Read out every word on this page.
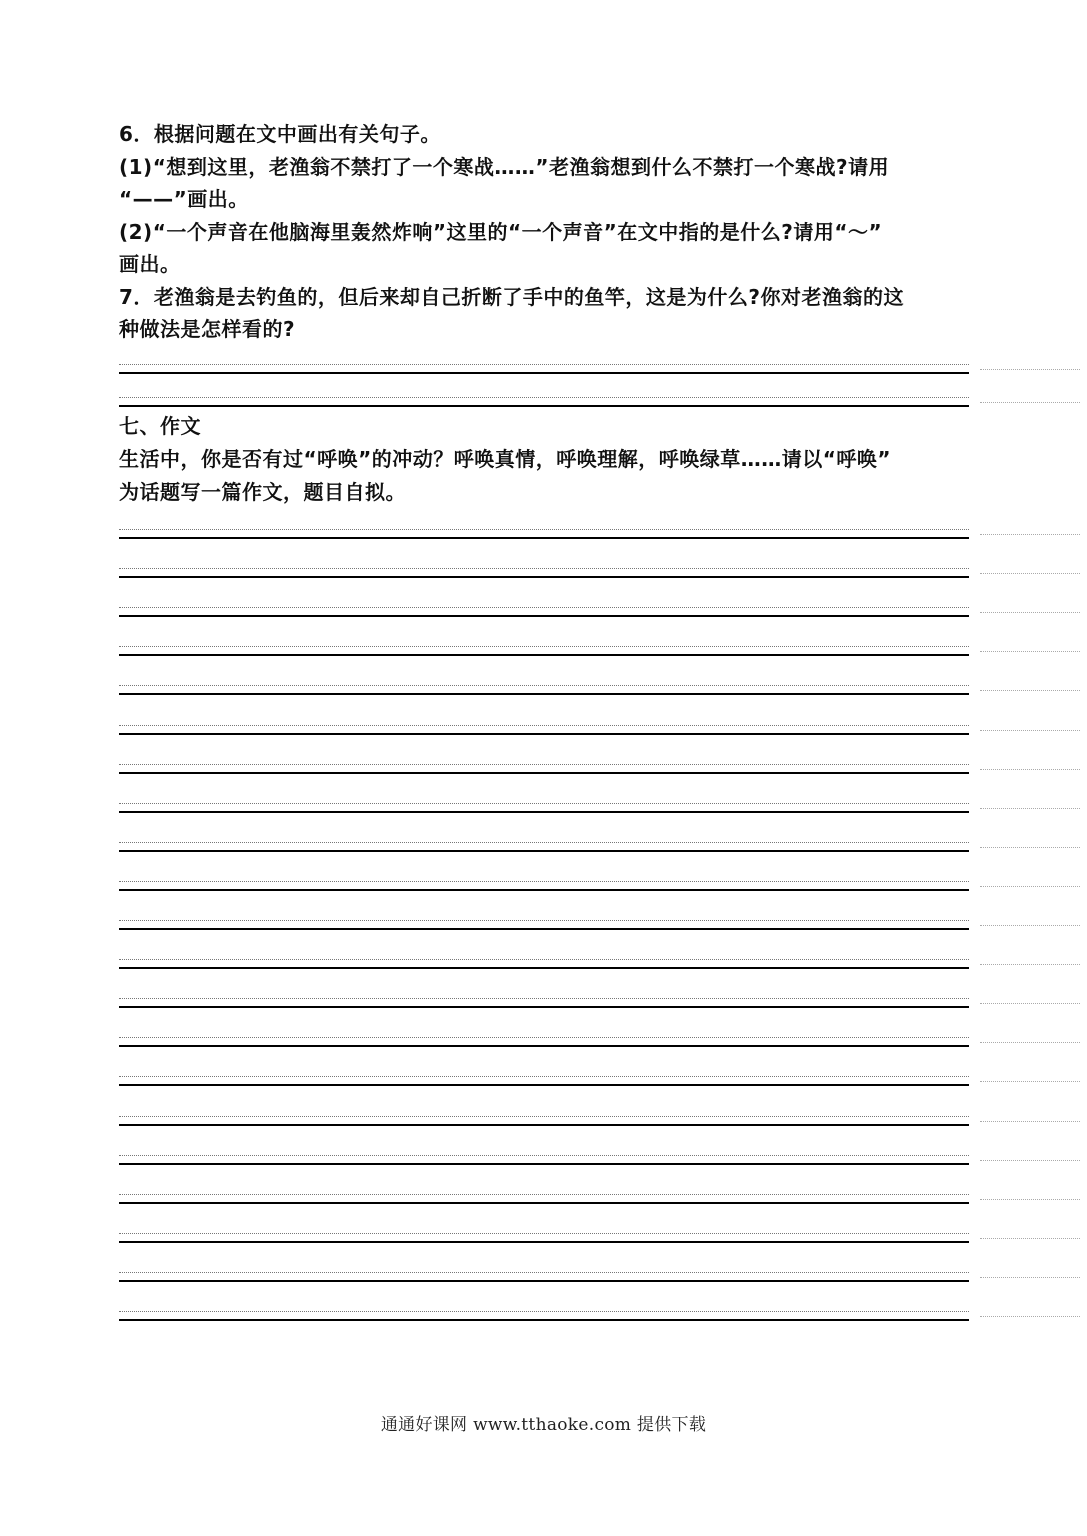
6．根据问题在文中画出有关句子。
(1)“想到这里，老渔翁不禁打了一个寒战……”老渔翁想到什么不禁打一个寒战?请用
“——”画出。
(2)“一个声音在他脑海里轰然炸响”这里的“一个声音”在文中指的是什么?请用“～”
画出。
7．老渔翁是去钓鱼的，但后来却自己折断了手中的鱼竿，这是为什么?你对老渔翁的这
种做法是怎样看的?
七、作文
生活中，你是否有过“呼唤”的冲动？呼唤真情，呼唤理解，呼唤绿草……请以“呼唤”
为话题写一篇作文，题目自拟。
通通好课网 www.tthaoke.com 提供下载
